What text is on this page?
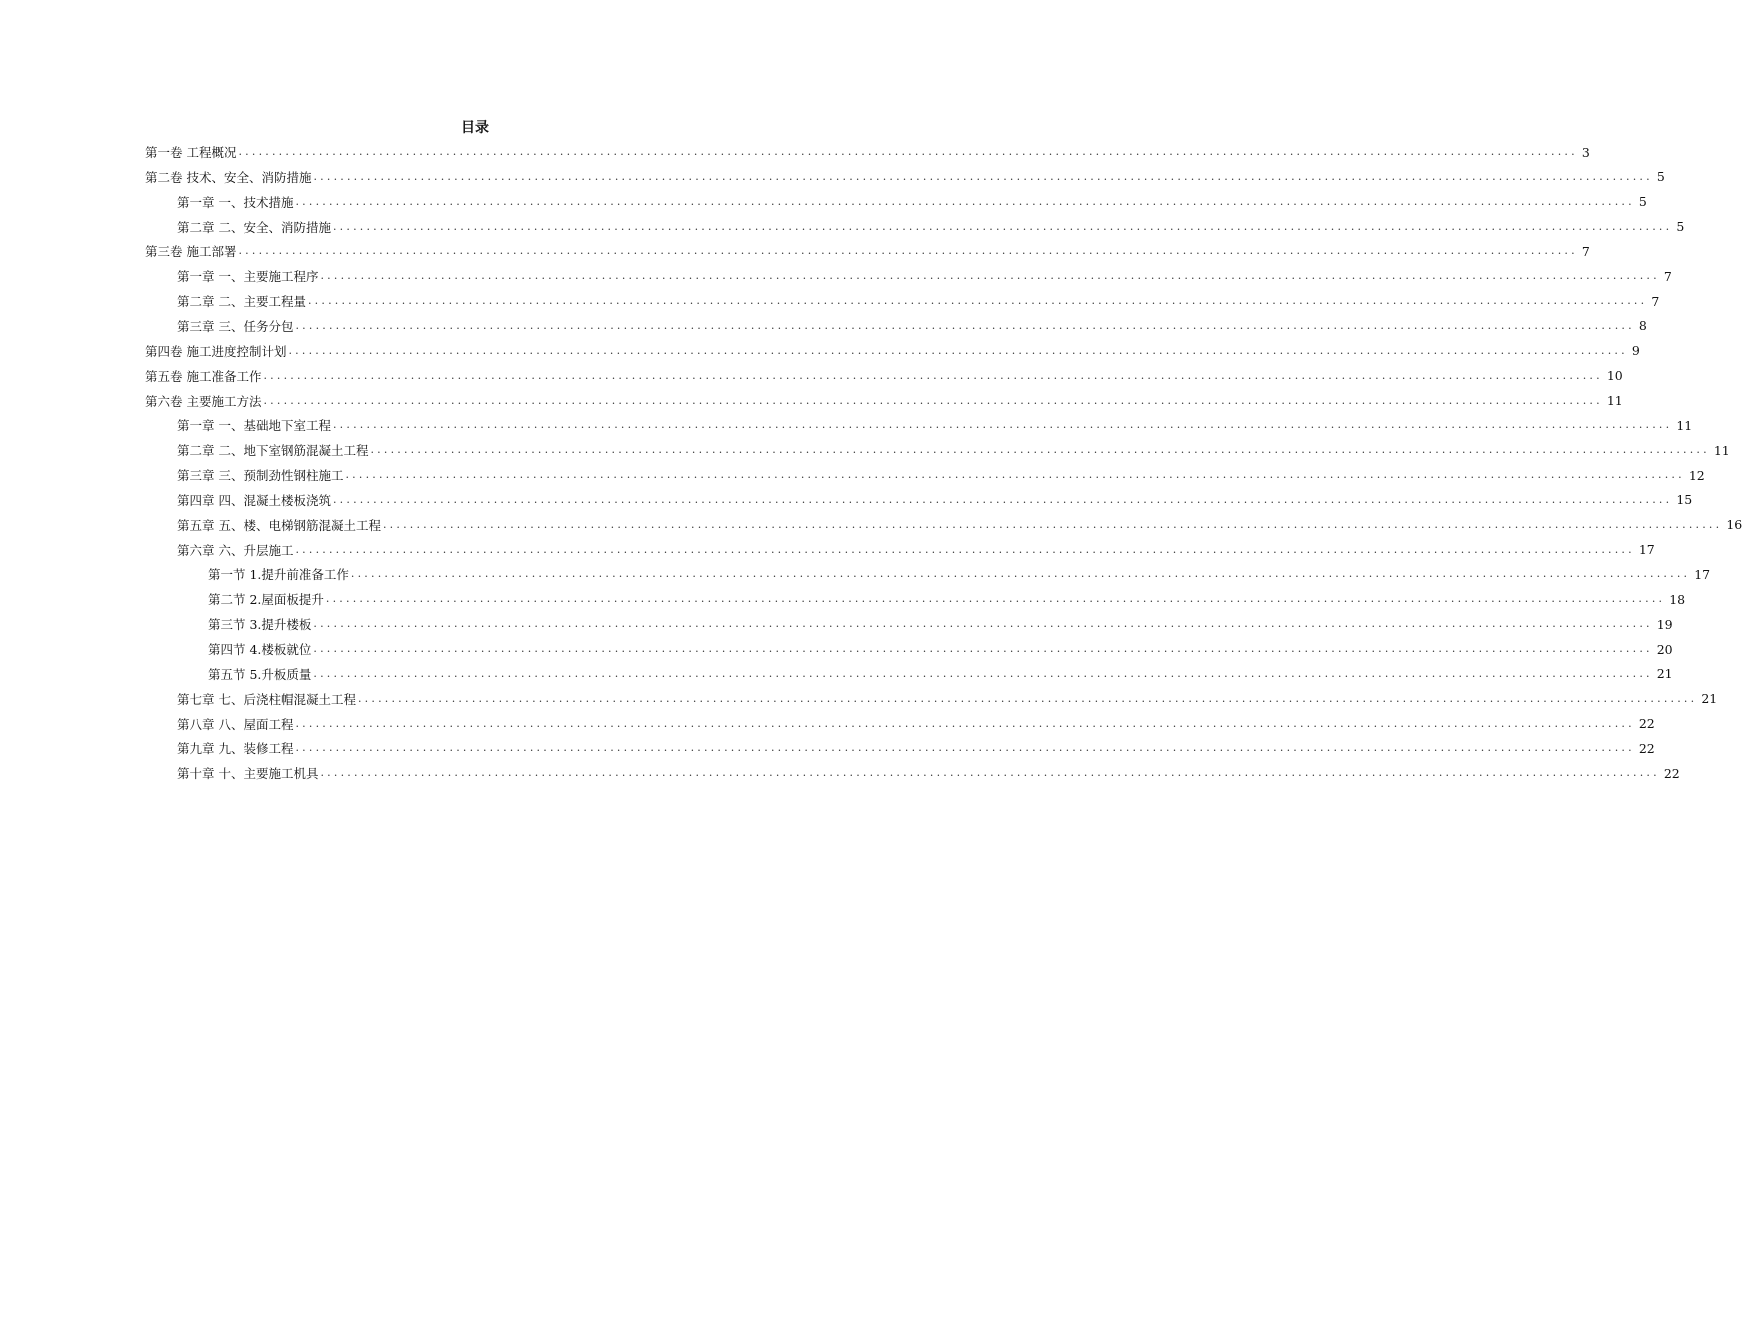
目录
第一卷 工程概况 ........................................................................................................................................................................................................ 3
第二卷 技术、安全、消防措施 ........................................................................................................................................................................................................ 5
第一章 一、技术措施 ........................................................................................................................................................................................................ 5
第二章 二、安全、消防措施 ........................................................................................................................................................................................................ 5
第三卷 施工部署 ........................................................................................................................................................................................................ 7
第一章 一、主要施工程序 ........................................................................................................................................................................................................ 7
第二章 二、主要工程量 ........................................................................................................................................................................................................ 7
第三章 三、任务分包 ........................................................................................................................................................................................................ 8
第四卷 施工进度控制计划 ........................................................................................................................................................................................................ 9
第五卷 施工准备工作 ........................................................................................................................................................................................................ 10
第六卷 主要施工方法 ........................................................................................................................................................................................................ 11
第一章 一、基础地下室工程 ........................................................................................................................................................................................................ 11
第二章 二、地下室钢筋混凝土工程 ........................................................................................................................................................................................................ 11
第三章 三、预制劲性钢柱施工 ........................................................................................................................................................................................................ 12
第四章 四、混凝土楼板浇筑 ........................................................................................................................................................................................................ 15
第五章 五、楼、电梯钢筋混凝土工程 ........................................................................................................................................................................................................ 16
第六章 六、升层施工 ........................................................................................................................................................................................................ 17
第一节 1.提升前准备工作 ........................................................................................................................................................................................................ 17
第二节 2.屋面板提升 ........................................................................................................................................................................................................ 18
第三节 3.提升楼板 ........................................................................................................................................................................................................ 19
第四节 4.楼板就位 ........................................................................................................................................................................................................ 20
第五节 5.升板质量 ........................................................................................................................................................................................................ 21
第七章 七、后浇柱帽混凝土工程 ........................................................................................................................................................................................................ 21
第八章 八、屋面工程 ........................................................................................................................................................................................................ 22
第九章 九、装修工程 ........................................................................................................................................................................................................ 22
第十章 十、主要施工机具 ........................................................................................................................................................................................................ 22
